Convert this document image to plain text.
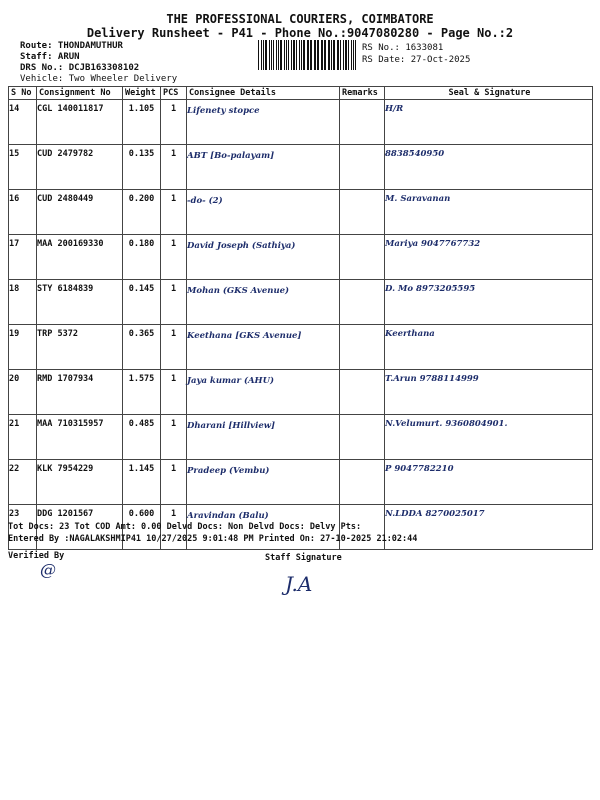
THE PROFESSIONAL COURIERS, COIMBATORE
Delivery Runsheet - P41 - Phone No.:9047080280 - Page No.:2
Route: THONDAMUTHUR
Staff: ARUN
DRS No.: DCJB163308102
Vehicle: Two Wheeler Delivery
RS No.: 1633081
RS Date: 27-Oct-2025
S No	Consignment No	Weight	PCS	Consignee Details	Remarks	Seal & Signature
14	CGL 140011817	1.105	1	Lifenety stopce		H/R
15	CUD 2479782	0.135	1	ABT [Bo-palayam]		8838540950
16	CUD 2480449	0.200	1	-do- (2)		M. Saravanan
17	MAA 200169330	0.180	1	David Joseph (Sathiya)		Mariya 9047767732
18	STY 6184839	0.145	1	Mohan (GKS Avenue)		D. Mo 8973205595
19	TRP 5372	0.365	1	Keethana [GKS Avenue]		Keerthana
20	RMD 1707934	1.575	1	Jaya kumar (AHU)		T.Arun 9788114999
21	MAA 710315957	0.485	1	Dharani [Hillview]		N.Velumurt. 9360804901.
22	KLK 7954229	1.145	1	Pradeep (Vembu)		P 9047782210
23	DDG 1201567	0.600	1	Aravindan (Balu)		N.LDDA 8270025017
Tot Docs: 23 Tot COD Amt: 0.00 Delvd Docs: Non Delvd Docs: Delvy Pts:
Entered By :NAGALAKSHMIP41 10/27/2025 9:01:48 PM Printed On: 27-10-2025 21:02:44
Verified By	Staff Signature
@
J.A
